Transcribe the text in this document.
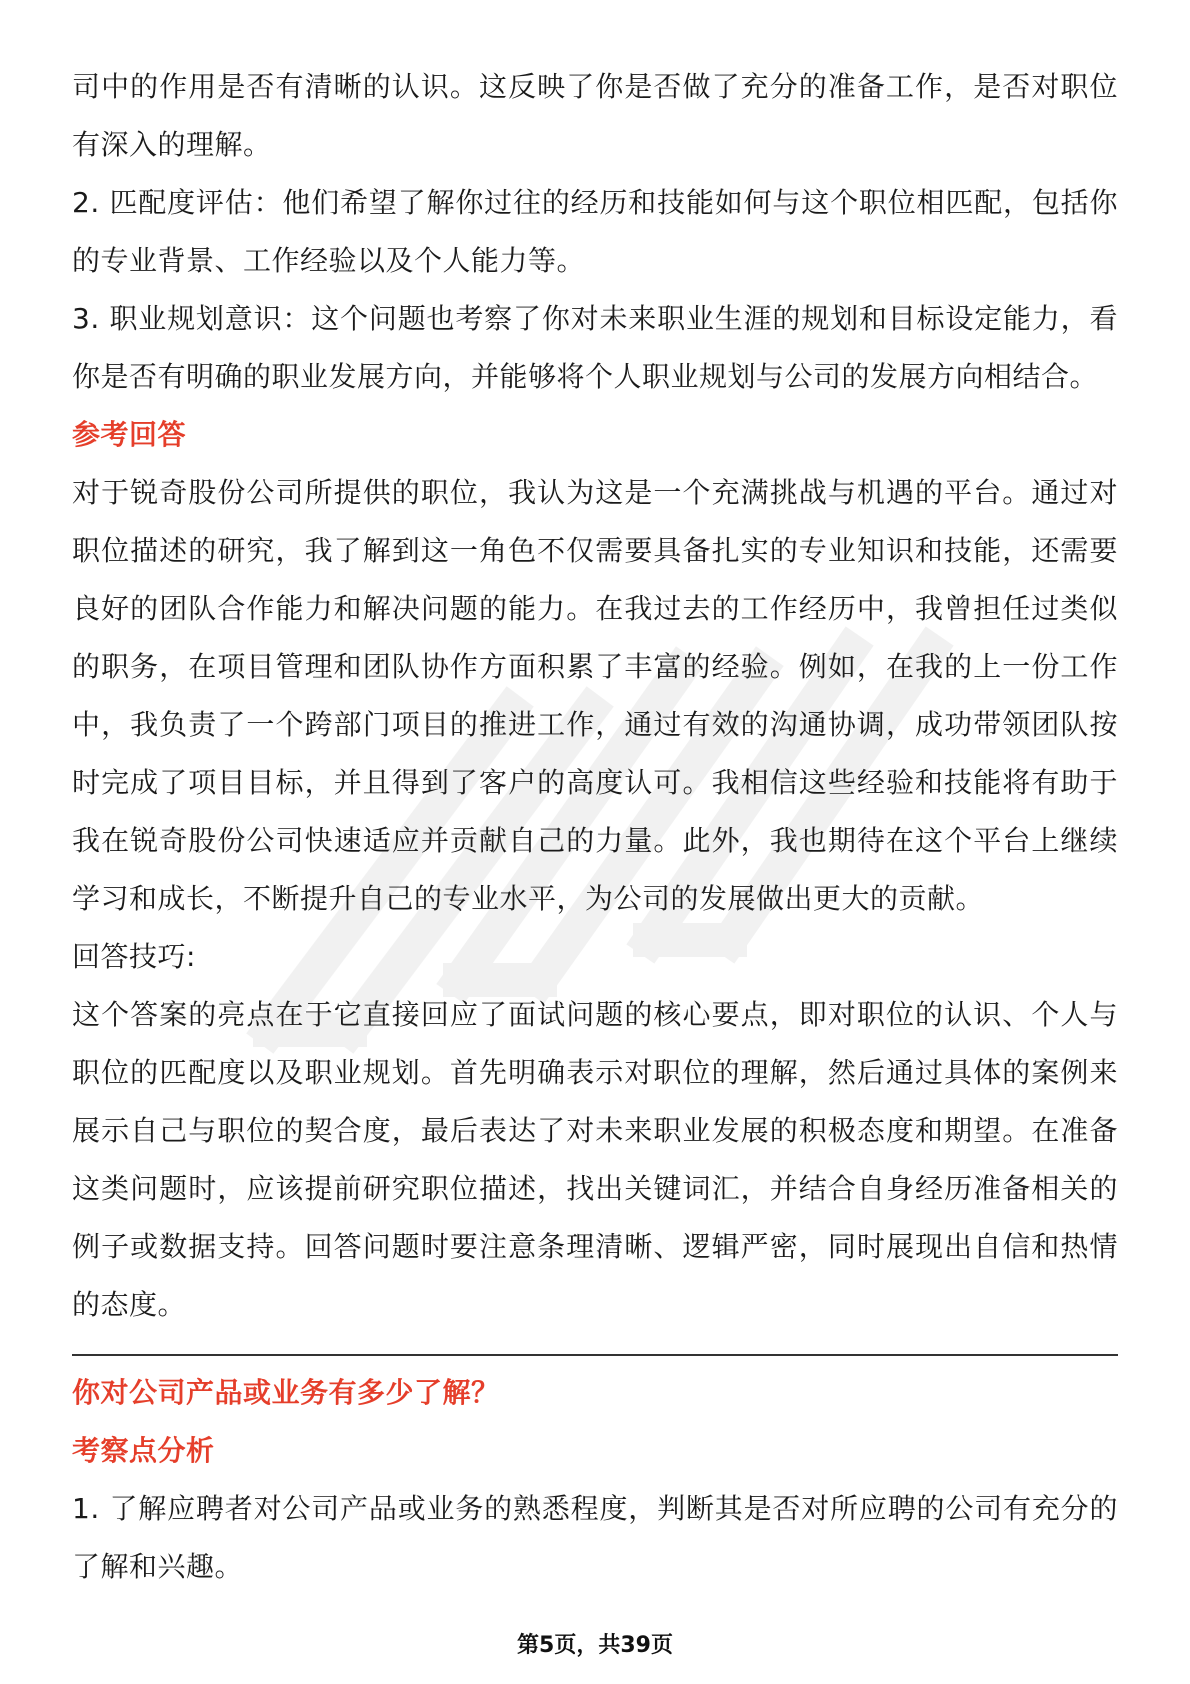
司中的作用是否有清晰的认识。这反映了你是否做了充分的准备工作，是否对职位有深入的理解。

2. 匹配度评估：他们希望了解你过往的经历和技能如何与这个职位相匹配，包括你的专业背景、工作经验以及个人能力等。

3. 职业规划意识：这个问题也考察了你对未来职业生涯的规划和目标设定能力，看你是否有明确的职业发展方向，并能够将个人职业规划与公司的发展方向相结合。

参考回答

对于锐奇股份公司所提供的职位，我认为这是一个充满挑战与机遇的平台。通过对职位描述的研究，我了解到这一角色不仅需要具备扎实的专业知识和技能，还需要良好的团队合作能力和解决问题的能力。在我过去的工作经历中，我曾担任过类似的职务，在项目管理和团队协作方面积累了丰富的经验。例如，在我的上一份工作中，我负责了一个跨部门项目的推进工作，通过有效的沟通协调，成功带领团队按时完成了项目目标，并且得到了客户的高度认可。我相信这些经验和技能将有助于我在锐奇股份公司快速适应并贡献自己的力量。此外，我也期待在这个平台上继续学习和成长，不断提升自己的专业水平，为公司的发展做出更大的贡献。

回答技巧:

这个答案的亮点在于它直接回应了面试问题的核心要点，即对职位的认识、个人与职位的匹配度以及职业规划。首先明确表示对职位的理解，然后通过具体的案例来展示自己与职位的契合度，最后表达了对未来职业发展的积极态度和期望。在准备这类问题时，应该提前研究职位描述，找出关键词汇，并结合自身经历准备相关的例子或数据支持。回答问题时要注意条理清晰、逻辑严密，同时展现出自信和热情的态度。

你对公司产品或业务有多少了解？

考察点分析

1. 了解应聘者对公司产品或业务的熟悉程度，判断其是否对所应聘的公司有充分的了解和兴趣。

第5页，共39页
